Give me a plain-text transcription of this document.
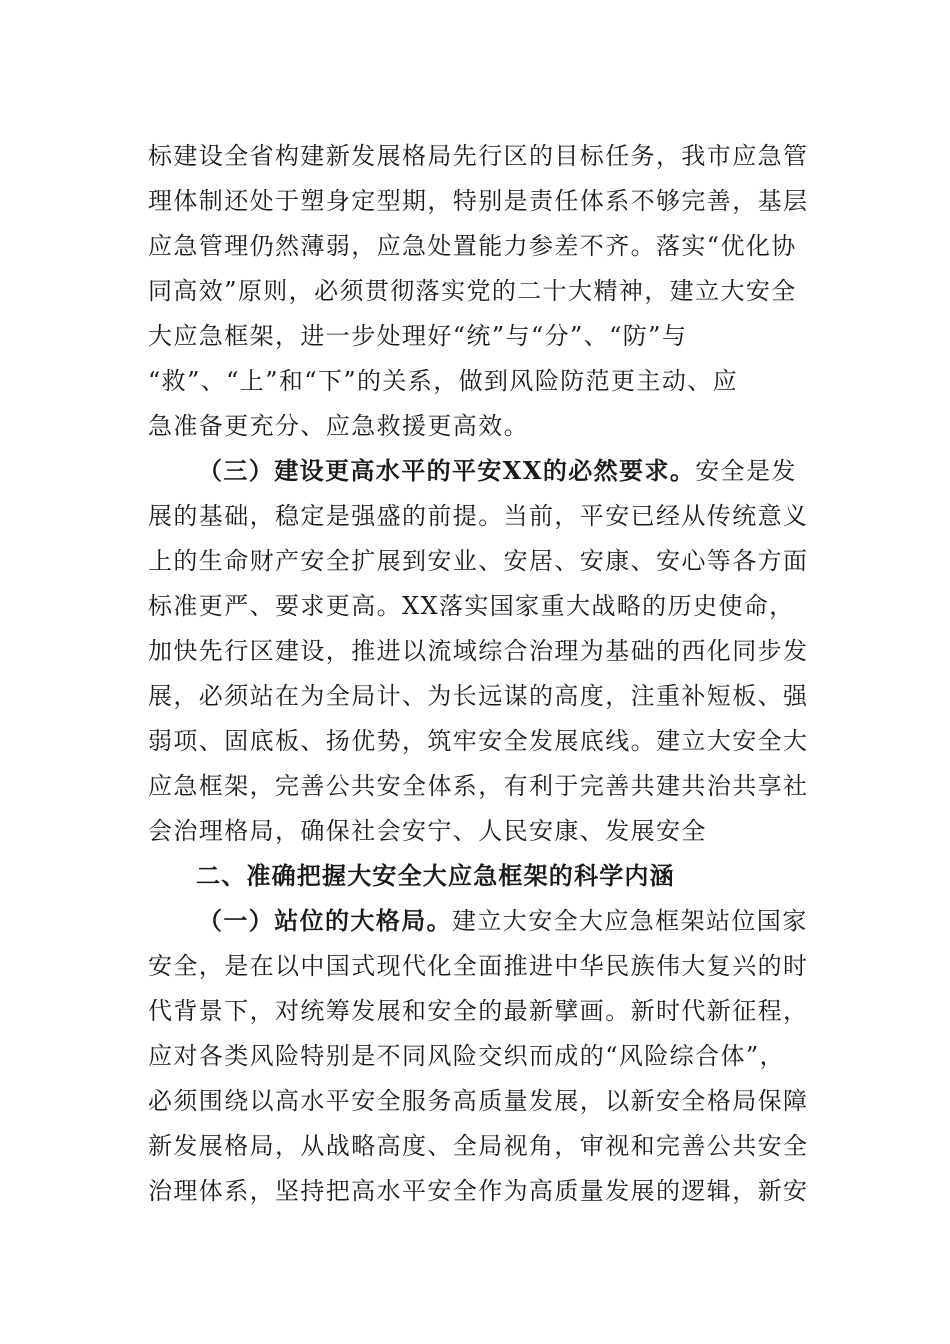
标建设全省构建新发展格局先行区的目标任务，我市应急管
理体制还处于塑身定型期，特别是责任体系不够完善，基层
应急管理仍然薄弱，应急处置能力参差不齐。落实“优化协
同高效”原则，必须贯彻落实党的二十大精神，建立大安全
大应急框架，进一步处理好“统”与“分”、“防”与
“救”、“上”和“下”的关系，做到风险防范更主动、应
急准备更充分、应急救援更高效。
（三）建设更高水平的平安XX的必然要求。安全是发
展的基础，稳定是强盛的前提。当前，平安已经从传统意义
上的生命财产安全扩展到安业、安居、安康、安心等各方面
标准更严、要求更高。XX落实国家重大战略的历史使命，
加快先行区建设，推进以流域综合治理为基础的西化同步发
展，必须站在为全局计、为长远谋的高度，注重补短板、强
弱项、固底板、扬优势，筑牢安全发展底线。建立大安全大
应急框架，完善公共安全体系，有利于完善共建共治共享社
会治理格局，确保社会安宁、人民安康、发展安全
二、准确把握大安全大应急框架的科学内涵
（一）站位的大格局。建立大安全大应急框架站位国家
安全，是在以中国式现代化全面推进中华民族伟大复兴的时
代背景下，对统筹发展和安全的最新擘画。新时代新征程，
应对各类风险特别是不同风险交织而成的“风险综合体”，
必须围绕以高水平安全服务高质量发展，以新安全格局保障
新发展格局，从战略高度、全局视角，审视和完善公共安全
治理体系，坚持把高水平安全作为高质量发展的逻辑，新安
